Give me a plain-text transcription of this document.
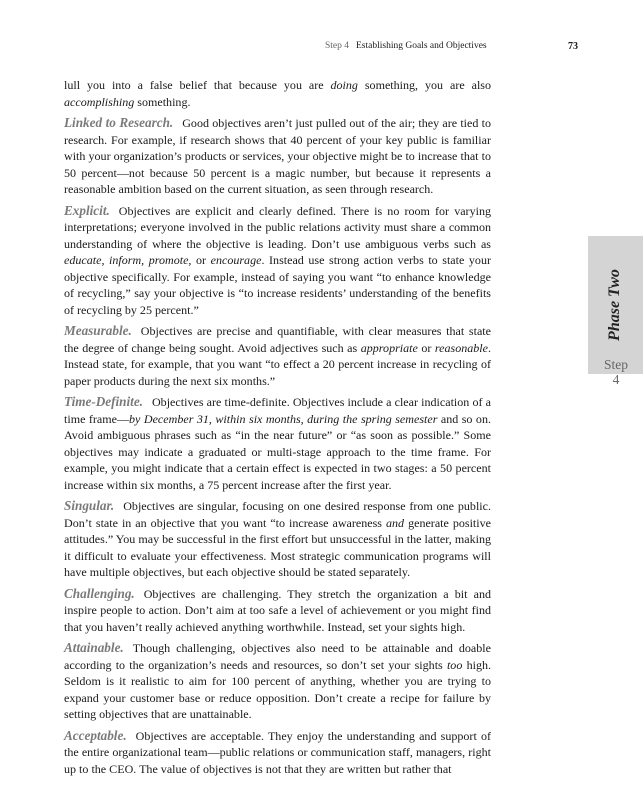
Step 4 Establishing Goals and Objectives	73

lull you into a false belief that because you are doing something, you are also accomplishing something.

Linked to Research. Good objectives aren’t just pulled out of the air; they are tied to research. For example, if research shows that 40 percent of your key public is familiar with your organization’s products or services, your objective might be to increase that to 50 percent—not because 50 percent is a magic number, but because it represents a reasonable ambition based on the current situation, as seen through research.

Explicit. Objectives are explicit and clearly defined. There is no room for varying interpretations; everyone involved in the public relations activity must share a common understanding of where the objective is leading. Don’t use ambiguous verbs such as educate, inform, promote, or encourage. Instead use strong action verbs to state your objective specifically. For example, instead of saying you want “to enhance knowledge of recycling,” say your objective is “to increase residents’ understanding of the benefits of recycling by 25 percent.”

Measurable. Objectives are precise and quantifiable, with clear measures that state the degree of change being sought. Avoid adjectives such as appropriate or reasonable. Instead state, for example, that you want “to effect a 20 percent increase in recycling of paper products during the next six months.”

Time-Definite. Objectives are time-definite. Objectives include a clear indication of a time frame—by December 31, within six months, during the spring semester and so on. Avoid ambiguous phrases such as “in the near future” or “as soon as possible.” Some objectives may indicate a graduated or multi-stage approach to the time frame. For example, you might indicate that a certain effect is expected in two stages: a 50 percent increase within six months, a 75 percent increase after the first year.

Singular. Objectives are singular, focusing on one desired response from one public. Don’t state in an objective that you want “to increase awareness and generate positive attitudes.” You may be successful in the first effort but unsuccessful in the latter, making it difficult to evaluate your effectiveness. Most strategic communication programs will have multiple objectives, but each objective should be stated separately.

Challenging. Objectives are challenging. They stretch the organization a bit and inspire people to action. Don’t aim at too safe a level of achievement or you might find that you haven’t really achieved anything worthwhile. Instead, set your sights high.

Attainable. Though challenging, objectives also need to be attainable and doable according to the organization’s needs and resources, so don’t set your sights too high. Seldom is it realistic to aim for 100 percent of anything, whether you are trying to expand your customer base or reduce opposition. Don’t create a recipe for failure by setting objectives that are unattainable.

Acceptable. Objectives are acceptable. They enjoy the understanding and support of the entire organizational team—public relations or communication staff, managers, right up to the CEO. The value of objectives is not that they are written but rather that

Phase Two
Step
4
